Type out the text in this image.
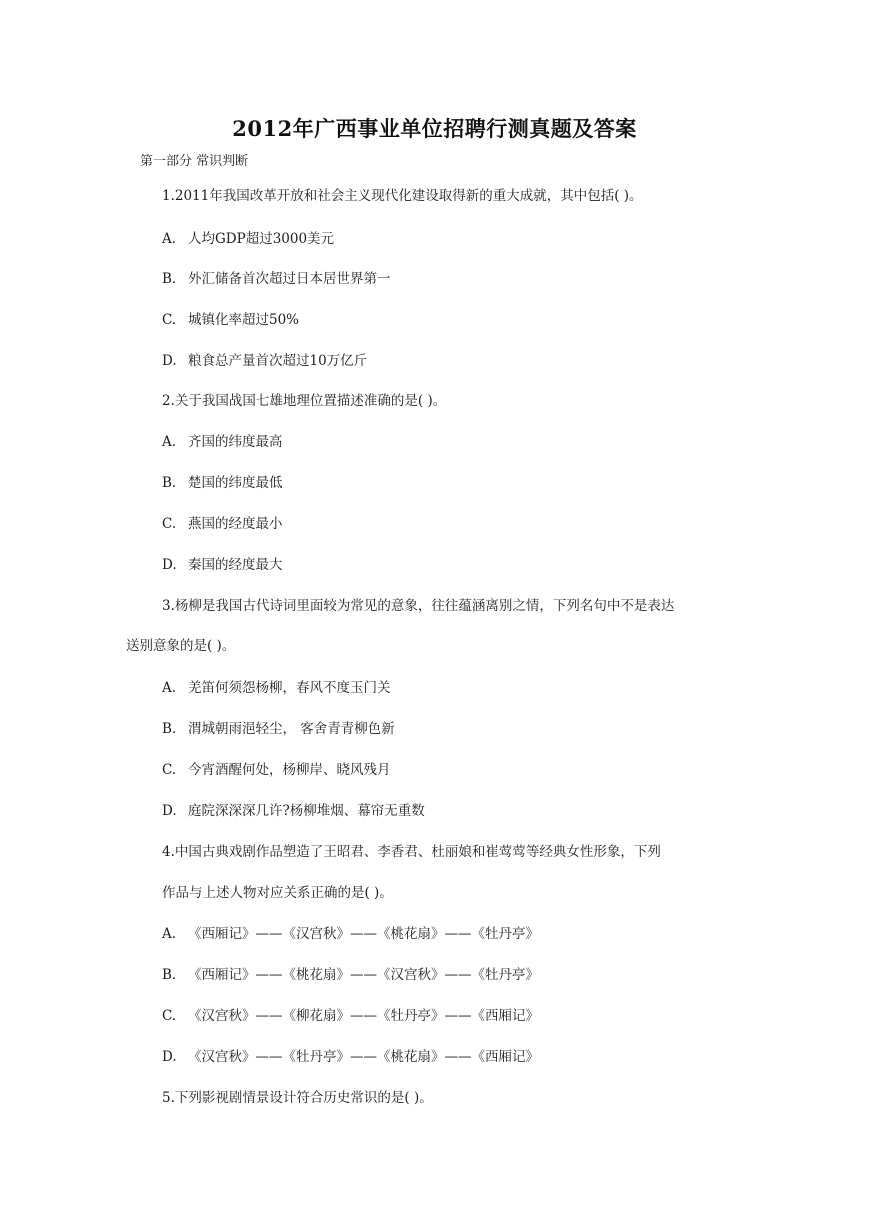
2012年广西事业单位招聘行测真题及答案
第一部分 常识判断
1.2011年我国改革开放和社会主义现代化建设取得新的重大成就，其中包括( )。
A. 人均GDP超过3000美元
B. 外汇储备首次超过日本居世界第一
C. 城镇化率超过50%
D. 粮食总产量首次超过10万亿斤
2.关于我国战国七雄地理位置描述准确的是( )。
A. 齐国的纬度最高
B. 楚国的纬度最低
C. 燕国的经度最小
D. 秦国的经度最大
3.杨柳是我国古代诗词里面较为常见的意象，往往蕴涵离别之情，下列名句中不是表达
送别意象的是( )。
A. 羌笛何须怨杨柳，春风不度玉门关
B. 渭城朝雨浥轻尘， 客舍青青柳色新
C. 今宵酒醒何处，杨柳岸、晓风残月
D. 庭院深深深几许?杨柳堆烟、幕帘无重数
4.中国古典戏剧作品塑造了王昭君、李香君、杜丽娘和崔莺莺等经典女性形象，下列
作品与上述人物对应关系正确的是( )。
A. 《西厢记》——《汉宫秋》——《桃花扇》——《牡丹亭》
B. 《西厢记》——《桃花扇》——《汉宫秋》——《牡丹亭》
C. 《汉宫秋》——《柳花扇》——《牡丹亭》——《西厢记》
D. 《汉宫秋》——《牡丹亭》——《桃花扇》——《西厢记》
5.下列影视剧情景设计符合历史常识的是( )。
